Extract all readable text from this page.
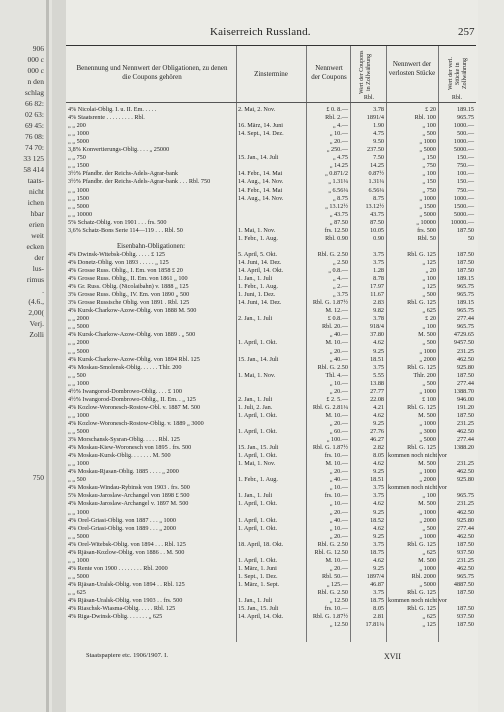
906
000 c
000 c
n den
schlag
66 82:
02 63:
69 45:
76 08:
74 70:
33 125
58 414
taats-
nicht
ichen
hbar
erien
weit
ecken
der
lus-
rimus
.
(4.6.,
2,00(
Verj.
Zolli
750
Kaiserreich Russland.	257
Benennung und Nennwert der Obligationen, zu denen die Coupons gehören	Zinstermine
Nennwert der Coupons Wert der Coupons in Zollwährung	Nennwert der verlosten Stücke Wert der verl. Stücke in Zollwährung
Rbl.	Rbl.
4% Nicolai-Oblig. I. u. II. Em. . . . .	2. Mai, 2. Nov.	£ 0. 8.—	3.78	£ 20	189.15
4% Staatsrente . . . . . . . . . Rbl.	Rbl. 2.—	1891/4	Rbl. 100	965.75
„ „ 200	16. März, 14. Juni	„ 4.—	1.90	„ 100	1000.—
„ „ 1000	14. Sept., 14. Dez.	„ 10.—	4.75	„ 500	500.—
„ „ 5000	„ 20.—	9.50	„ 1000	1000.—
3,8% Konvertierungs-Oblig. . . . „ 25000	„ 250.—	237.50	„ 5000	5000.—
„ „ 750	15. Jan., 14. Juli	„ 4.75	7.50	„ 150	150.—
„ „ 1500	„ 14.25	14.25	„ 750	750.—
3½% Pfandbr. der Reichs-Adels-Agrar-bank	14. Febr., 14. Mai	„ 0.871/2	0.87½	„ 100	100.—
3½% Pfandbr. der Reichs-Adels-Agrar-bank . . . Rbl. 750	14. Aug., 14. Nov.	„ 1.31¼	1.31¼	„ 150	150.—
„ „ 1000	14. Febr., 14. Mai	„ 6.56¼	6.56¼	„ 750	750.—
„ „ 1500	14. Aug., 14. Nov.	„ 8.75	8.75	„ 1000	1000.—
„ „ 5000	„ 13.12½	13.12½	„ 1500	1500.—
„ „ 10000	„ 43.75	43.75	„ 5000	5000.—
5% Schatz-Oblig. von 1901 . . . frs. 500	„ 87.50	87.50	„ 10000	10000.—
3,6% Schatz-Bons Serie 114—119 . . . Rbl. 50	1. Mai, 1. Nov.	frs. 12.50	10.05	frs. 500	187.50
1. Febr., 1. Aug.	Rbl. 0.90	0.90	Rbl. 50	50
Eisenbahn-Obligationen:
4% Dwinsk-Witebsk-Oblig. . . . . £ 125	5. April, 5. Okt.	Rbl. G. 2.50	3.75	Rbl. G. 125	187.50
4% Donetz-Oblig. von 1893 . . . . . „ 125	14. Juni, 14. Dez.	„ 2.50	3.75	„ 125	187.50
4% Grosse Russ. Oblig., I. Em. von 1858 £ 20	14. April, 14. Okt.	„ 0.8.—	1.28	„ 20	187.50
4% Grosse Russ. Oblig., II. Em. von 1861 „ 100	1. Jan., 1. Juli	„ 4.—	8.78	„ 100	189.15
4% Gr. Russ. Oblig. (Nicolaibahn) v. 1888 „ 125	1. Febr., 1. Aug.	„ 2.—	17.97	„ 125	965.75
3% Grosse Russ. Oblig., IV. Em. von 1890 „ 500	1. Juni, 1. Dez.	„ 3.75	11.67	„ 500	965.75
3% Grosse Russische Oblig. von 1891 . Rbl. 125	14. Juni, 14. Dez.	Rbl. G. 1.87½	2.83	Rbl. G. 125	189.15
4% Kursk-Charkow-Azow-Oblig. von 1888 M. 500	M. 12.—	9.82	„ 625	965.75
„ „ 2000	2. Jan., 1. Juli	£ 0.8.—	3.78	£ 20	277.44
„ „ 5000	Rbl. 20.—	918/4	„ 100	965.75
4% Kursk-Charkow-Azow-Oblig. von 1889 . „ 500	„ 40.—	37.80	M. 500	4729.65
„ „ 2000	1. April, 1. Okt.	M. 10.—	4.62	„ 500	9457.50
„ „ 5000	„ 20.—	9.25	„ 1000	231.25
4% Kursk-Charkow-Azow-Oblig. von 1894 Rbl. 125	15. Jan., 14. Juli	„ 40.—	18.51	„ 2000	462.50
4% Moskau-Smolensk-Oblig. . . . . . Thlr. 200	Rbl. G. 2.50	3.75	Rbl. G. 125	925.80
„ „ 500	1. Mai, 1. Nov.	Thl. 4.—	5.55	Thlr. 200	187.50
„ „ 1000	„ 10.—	13.88	„ 500	277.44
4½% Iwangorod-Dombrowo-Oblig. . . . £ 100	„ 20.—	27.77	„ 1000	1388.70
4½% Iwangorod-Dombrowo-Oblig., II. Em. . „ 125	2. Jan., 1. Juli	£ 2. 5.—	22.08	£ 100	946.00
4% Kozlow-Woronesch-Rostow-Obl. v. 1887 M. 500	1. Juli, 2. Jan.	Rbl. G. 2.81¼	4.21	Rbl. G. 125	191.20
„ „ 1000	1. April, 1. Okt.	M. 10.—	4.62	M. 500	187.50
4% Kozlow-Woronesch-Rostow-Oblig. v. 1889 „ 3000	„ 20.—	9.25	„ 1000	231.25
„ „ 5000	1. April, 1. Okt.	„ 60.—	27.76	„ 3000	462.50
3% Morschansk-Sysran-Oblig. . . . . Rbl. 125	„ 100.—	46.27	„ 5000	277.44
4% Moskau-Kiew-Woronesch von 1895 . frs. 500	15. Jan., 15. Juli	Rbl. G. 1.87½	2.82	Rbl. G. 125	1388.20
4% Moskau-Kursk-Oblig. . . . . . . M. 500	1. April, 1. Okt.	frs. 10.—	8.05 kommen noch nicht vor
„ „ 1000	1. Mai, 1. Nov.	M. 10.—	4.62	M. 500	231.25
4% Moskau-Rjasan-Oblig. 1885 . . . . „ 2000	„ 20.—	9.25	„ 1000	462.50
„ „ 500	1. Febr., 1. Aug.	„ 40.—	18.51	„ 2000	925.80
4% Moskau-Windau-Rybinsk von 1903 . frs. 500	„ 10.—	3.75 kommen noch nicht vor
5% Moskau-Jaroslaw-Archangel von 1898 £ 500	1. Jan., 1. Juli	frs. 10.—	3.75	„ 100	965.75
4% Moskau-Jaroslaw-Archangel v. 1897 M. 500	1. April, 1. Okt.	„ 10.—	4.62	M. 500	231.25
„ „ 1000	„ 20.—	9.25	„ 1000	462.50
4% Orel-Griasi-Oblig. von 1887 . . . „ 1000	1. April, 1. Okt.	„ 40.—	18.52	„ 2000	925.80
4% Orel-Griasi-Oblig. von 1889 . . . „ 2000	1. April, 1. Okt.	„ 10.—	4.62	„ 500	277.44
„ „ 5000	„ 20.—	9.25	„ 1000	462.50
4% Orel-Witebsk-Oblig. von 1894 . . . Rbl. 125	18. April, 18. Okt.	Rbl. G. 2.50	3.75	Rbl. G. 125	187.50
4% Rjäsan-Kozlow-Oblig. von 1886 . . M. 500	Rbl. G. 12.50	18.75	„ 625	937.50
„ „ 1000	1. April, 1. Okt.	M. 10.—	4.62	M. 500	231.25
4% Rente von 1900 . . . . . . . . Rbl. 2000	1. März, 1. Juni	„ 20.—	9.25	„ 1000	462.50
„ „ 5000	1. Sept., 1. Dez.	Rbl. 50.—	1897/4	Rbl. 2000	965.75
4% Rjäsan-Uralsk-Oblig. von 1894 . . Rbl. 125	1. März, 1. Sept.	„ 125.—	46.87	„ 5000	4887.50
„ „ 625	Rbl. G. 2.50	3.75	Rbl. G. 125	187.50
4% Rjäsan-Uralsk-Oblig. von 1903 . . frs. 500	1. Jan., 1. Juli	„ 12.50	18.75 kommen noch nicht vor
4% Riaschsk-Wiasma-Oblig. . . . . Rbl. 125	15. Jan., 15. Juli	frs. 10.—	8.05	Rbl. G. 125	187.50
4% Riga-Dwinsk-Oblig. . . . . . . „ 625	14. April, 14. Okt.	Rbl. G. 1.87½	2.81	„ 625	937.50
„ 12.50	17.81¼	„ 125	187.50
Staatspapiere etc. 1906/1907. I.	XVII
